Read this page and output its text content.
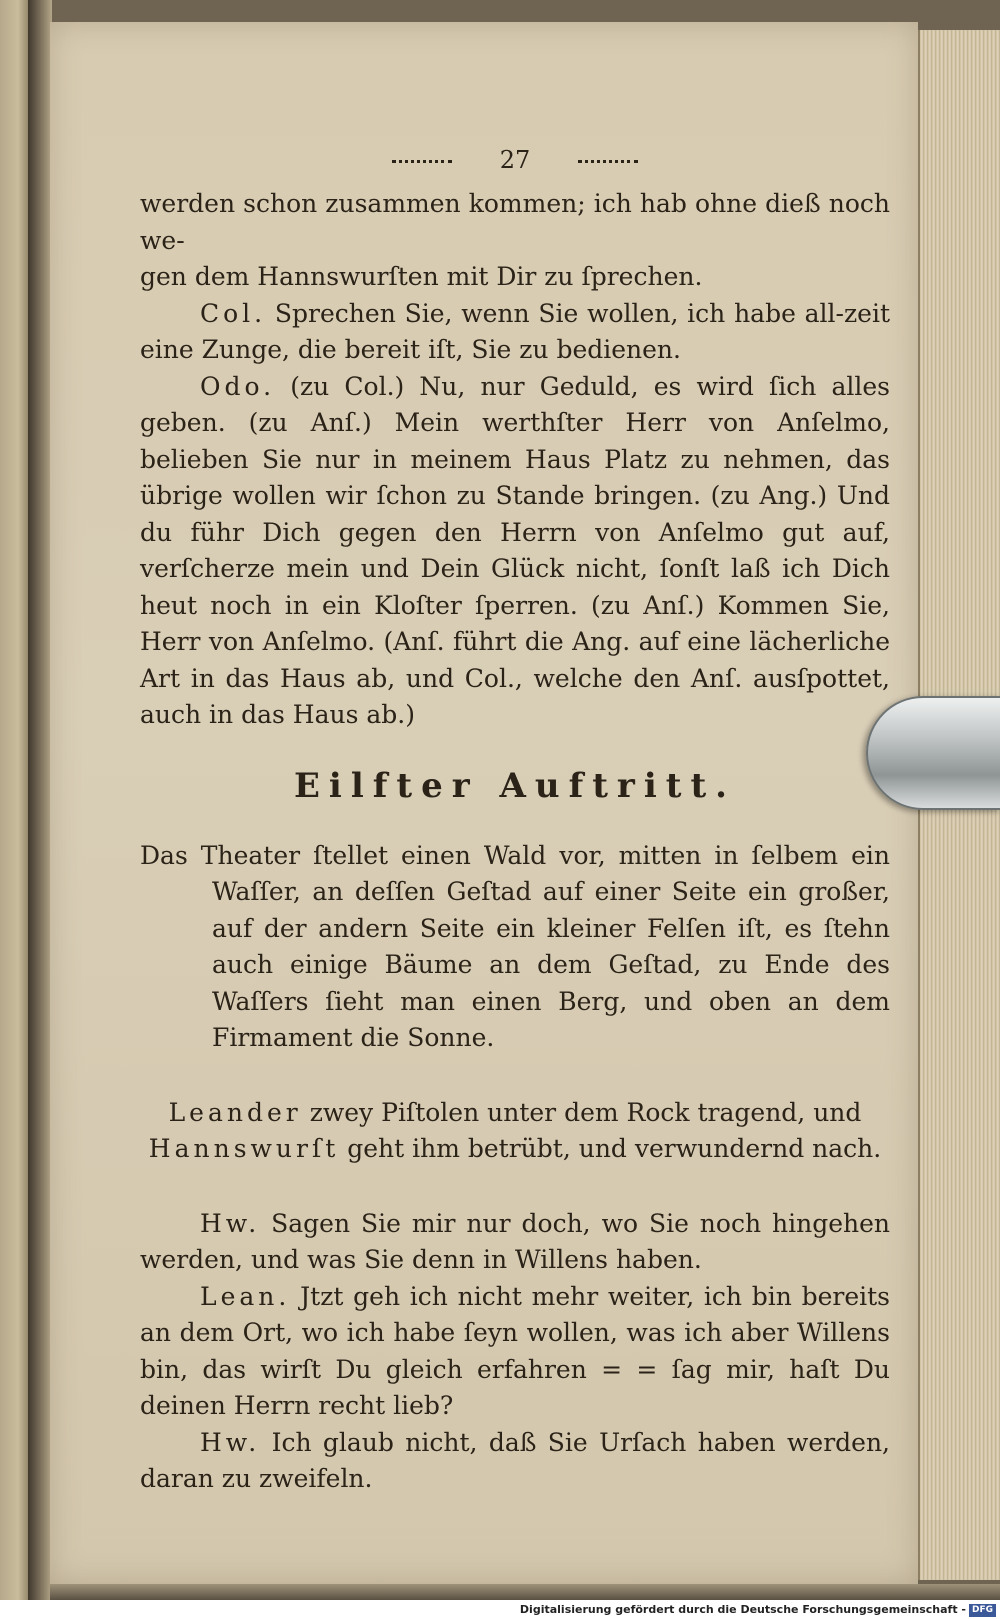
27

werden schon zusammen kommen; ich hab ohne dieß noch we-

gen dem Hannswurſten mit Dir zu ſprechen.

Col. Sprechen Sie, wenn Sie wollen, ich habe all-zeit eine Zunge, die bereit iſt, Sie zu bedienen.

Odo. (zu Col.) Nu, nur Geduld, es wird ſich alles geben. (zu Anſ.) Mein werthſter Herr von Anſelmo, belieben Sie nur in meinem Haus Platz zu nehmen, das übrige wollen wir ſchon zu Stande bringen. (zu Ang.) Und du führ Dich gegen den Herrn von Anſelmo gut auf, verſcherze mein und Dein Glück nicht, ſonſt laß ich Dich heut noch in ein Kloſter ſperren. (zu Anſ.) Kommen Sie, Herr von Anſelmo. (Anſ. führt die Ang. auf eine lächerliche Art in das Haus ab, und Col., welche den Anſ. ausſpottet, auch in das Haus ab.)

Eilfter Auftritt.

Das Theater ſtellet einen Wald vor, mitten in ſelbem ein Waſſer, an deſſen Geſtad auf einer Seite ein großer, auf der andern Seite ein kleiner Felſen iſt, es ſtehn auch einige Bäume an dem Geſtad, zu Ende des Waſſers ſieht man einen Berg, und oben an dem Firmament die Sonne.

Leander zwey Piſtolen unter dem Rock tragend, und
Hannswurſt geht ihm betrübt, und verwundernd nach.

Hw. Sagen Sie mir nur doch, wo Sie noch hingehen werden, und was Sie denn in Willens haben.

Lean. Jtzt geh ich nicht mehr weiter, ich bin bereits an dem Ort, wo ich habe ſeyn wollen, was ich aber Willens bin, das wirſt Du gleich erfahren = = ſag mir, haſt Du deinen Herrn recht lieb?

Hw. Ich glaub nicht, daß Sie Urſach haben werden, daran zu zweifeln.

Digitalisierung gefördert durch die Deutsche Forschungsgemeinschaft - DFG
